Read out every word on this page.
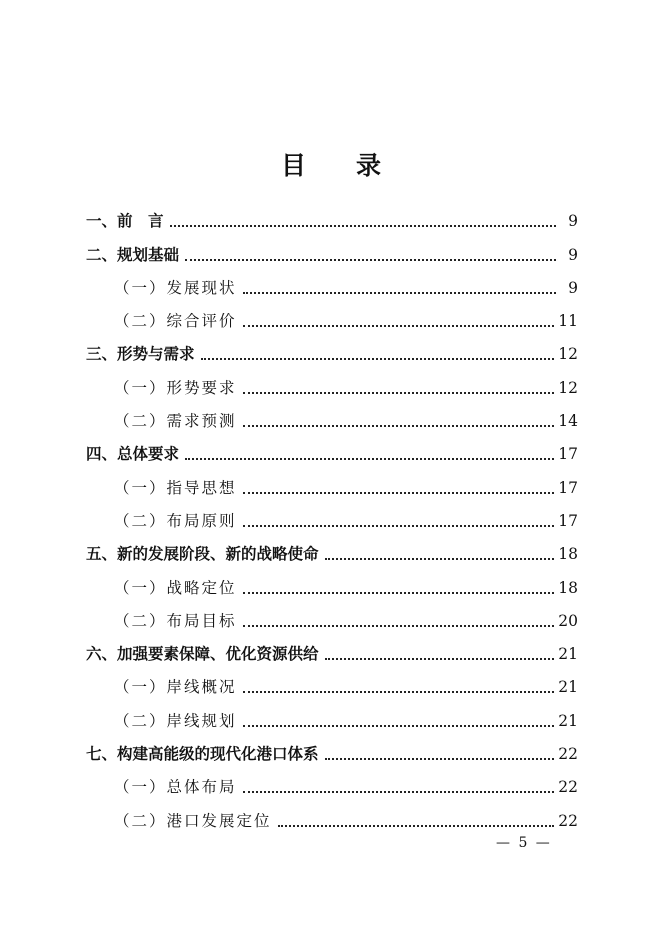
目　　录
一、前　言	9
二、规划基础	9
（一）发展现状	9
（二）综合评价	11
三、形势与需求	12
（一）形势要求	12
（二）需求预测	14
四、总体要求	17
（一）指导思想	17
（二）布局原则	17
五、新的发展阶段、新的战略使命	18
（一）战略定位	18
（二）布局目标	20
六、加强要素保障、优化资源供给	21
（一）岸线概况	21
（二）岸线规划	21
七、构建高能级的现代化港口体系	22
（一）总体布局	22
（二）港口发展定位	22
— 5 —
